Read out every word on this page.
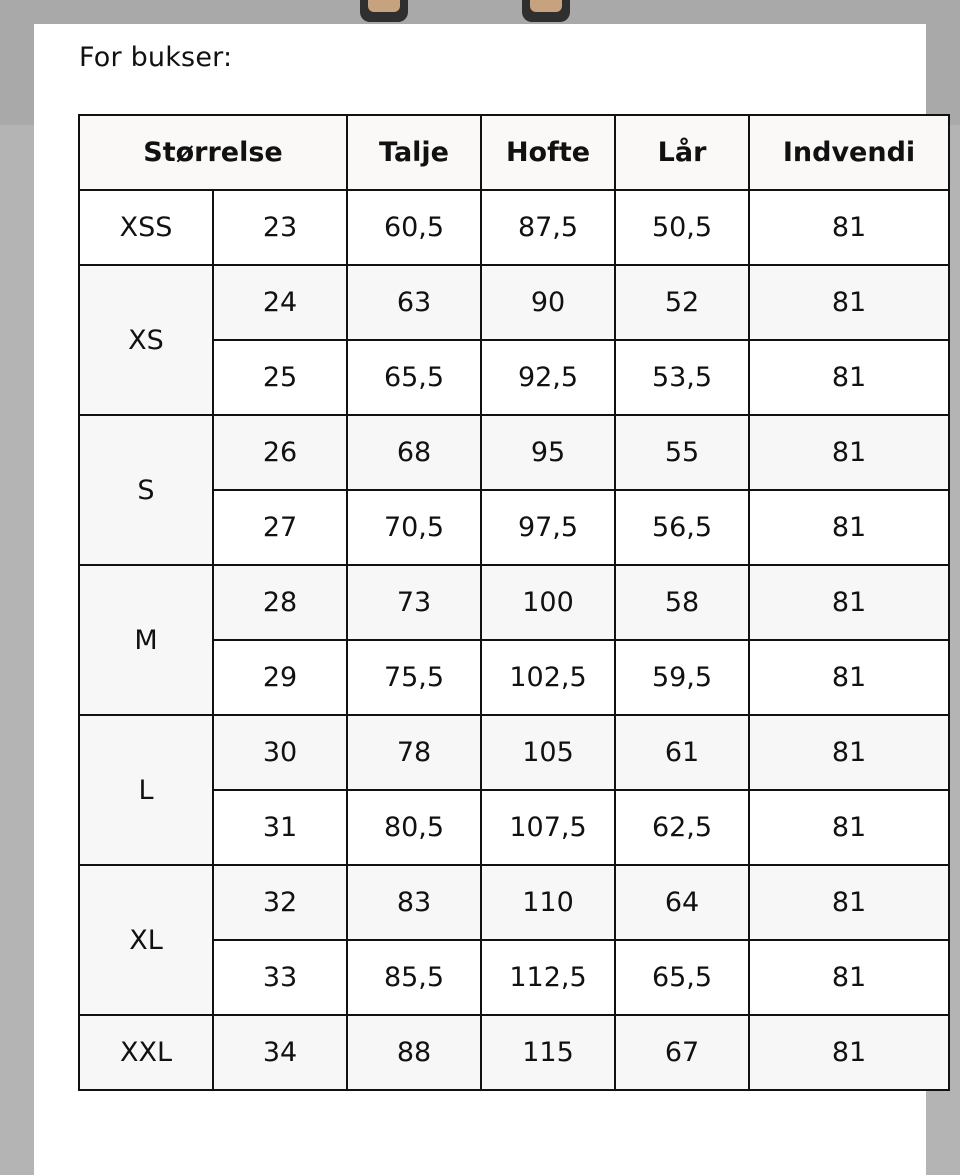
For bukser:
Størrelse		Talje	Hofte	Lår	Indvendi
XSS	23	60,5	87,5	50,5	81
XS	24	63	90	52	81
	25	65,5	92,5	53,5	81
S	26	68	95	55	81
	27	70,5	97,5	56,5	81
M	28	73	100	58	81
	29	75,5	102,5	59,5	81
L	30	78	105	61	81
	31	80,5	107,5	62,5	81
XL	32	83	110	64	81
	33	85,5	112,5	65,5	81
XXL	34	88	115	67	81
